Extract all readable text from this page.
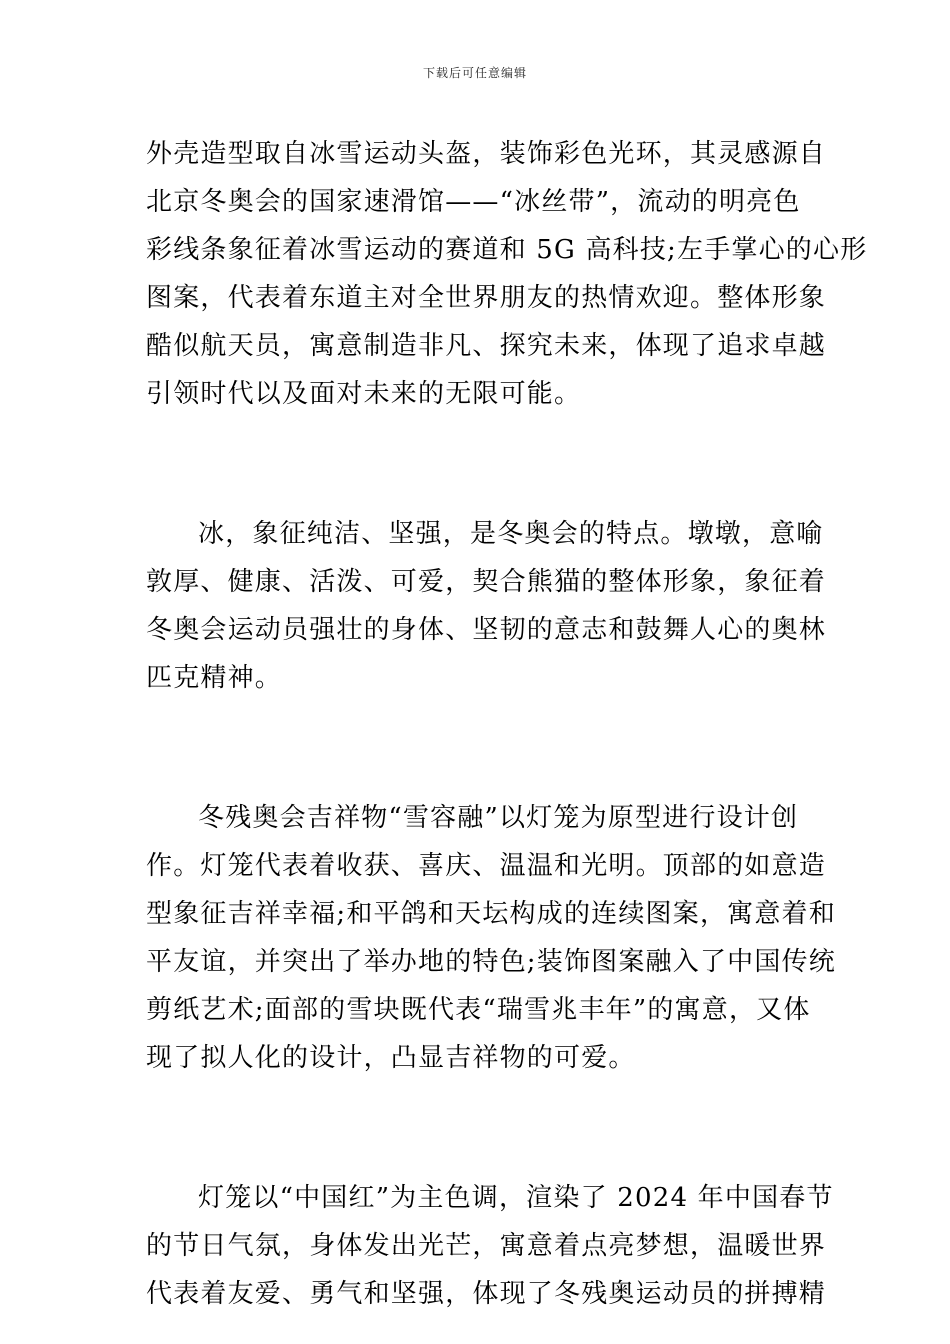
下载后可任意编辑
外壳造型取自冰雪运动头盔，装饰彩色光环，其灵感源自
北京冬奥会的国家速滑馆——“冰丝带”，流动的明亮色
彩线条象征着冰雪运动的赛道和 5G 高科技;左手掌心的心形
图案，代表着东道主对全世界朋友的热情欢迎。整体形象
酷似航天员，寓意制造非凡、探究未来，体现了追求卓越
引领时代以及面对未来的无限可能。
冰，象征纯洁、坚强，是冬奥会的特点。墩墩，意喻
敦厚、健康、活泼、可爱，契合熊猫的整体形象，象征着
冬奥会运动员强壮的身体、坚韧的意志和鼓舞人心的奥林
匹克精神。
冬残奥会吉祥物“雪容融”以灯笼为原型进行设计创
作。灯笼代表着收获、喜庆、温温和光明。顶部的如意造
型象征吉祥幸福;和平鸽和天坛构成的连续图案，寓意着和
平友谊，并突出了举办地的特色;装饰图案融入了中国传统
剪纸艺术;面部的雪块既代表“瑞雪兆丰年”的寓意，又体
现了拟人化的设计，凸显吉祥物的可爱。
灯笼以“中国红”为主色调，渲染了 2024 年中国春节
的节日气氛，身体发出光芒，寓意着点亮梦想，温暖世界
代表着友爱、勇气和坚强，体现了冬残奥运动员的拼搏精
